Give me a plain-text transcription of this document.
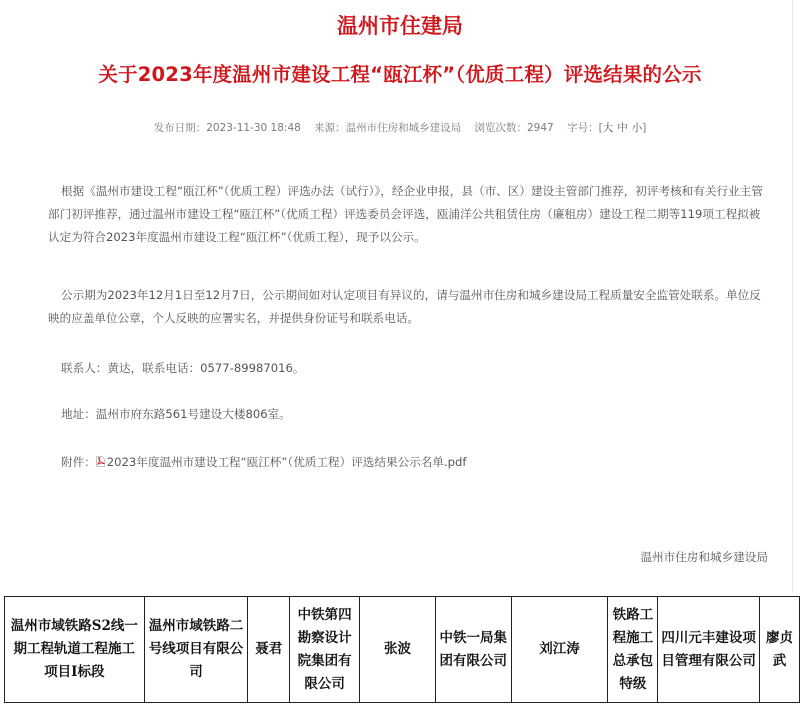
温州市住建局
关于2023年度温州市建设工程“瓯江杯”（优质工程）评选结果的公示
发布日期：2023-11-30 18:48 来源：温州市住房和城乡建设局 浏览次数：2947 字号：[大 中 小]
根据《温州市建设工程“瓯江杯”（优质工程）评选办法（试行）》，经企业申报，县（市、区）建设主管部门推荐，初评考核和有关行业主管部门初评推荐，通过温州市建设工程“瓯江杯”（优质工程）评选委员会评选，瓯浦洋公共租赁住房（廉租房）建设工程二期等119项工程拟被认定为符合2023年度温州市建设工程“瓯江杯”（优质工程），现予以公示。
公示期为2023年12月1日至12月7日，公示期间如对认定项目有异议的，请与温州市住房和城乡建设局工程质量安全监管处联系。单位反映的应盖单位公章，个人反映的应署实名，并提供身份证号和联系电话。
联系人：黄达，联系电话：0577-89987016。
地址：温州市府东路561号建设大楼806室。
附件： 2023年度温州市建设工程“瓯江杯”（优质工程）评选结果公示名单.pdf
温州市住房和城乡建设局
温州市域铁路S2线一期工程轨道工程施工项目Ⅰ标段	温州市域铁路二号线项目有限公司	聂君	中铁第四勘察设计院集团有限公司	张波	中铁一局集团有限公司	刘江涛	铁路工程施工总承包特级	四川元丰建设项目管理有限公司	廖贞武
